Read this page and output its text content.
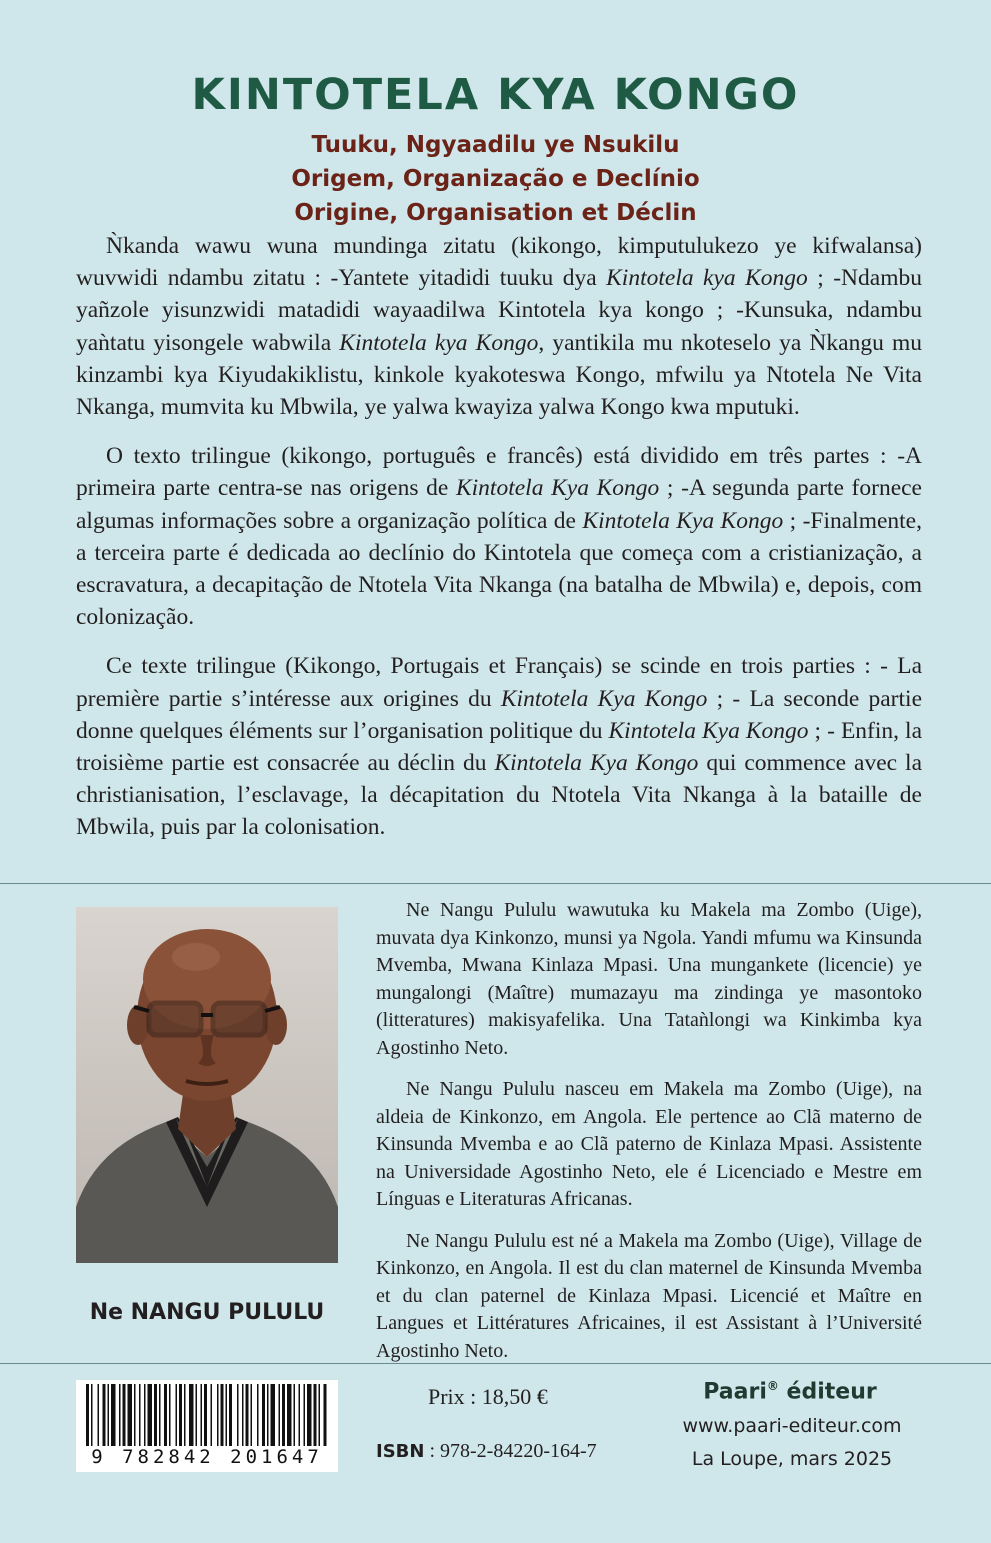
KINTOTELA KYA KONGO
Tuuku, Ngyaadilu ye Nsukilu
Origem, Organização e Declínio
Origine, Organisation et Déclin

Ǹkanda wawu wuna mundinga zitatu (kikongo, kimputulukezo ye kifwalansa) wuvwidi ndambu zitatu : -Yantete yitadidi tuuku dya Kintotela kya Kongo ; -Ndambu yañzole yisunzwidi matadidi wayaadilwa Kintotela kya kongo ; -Kunsuka, ndambu yaǹtatu yisongele wabwila Kintotela kya Kongo, yantikila mu nkoteselo ya Ǹkangu mu kinzambi kya Kiyudakiklistu, kinkole kyakoteswa Kongo, mfwilu ya Ntotela Ne Vita Nkanga, mumvita ku Mbwila, ye yalwa kwayiza yalwa Kongo kwa mputuki.

O texto trilingue (kikongo, português e francês) está dividido em três partes : -A primeira parte centra-se nas origens de Kintotela Kya Kongo ; -A segunda parte fornece algumas informações sobre a organização política de Kintotela Kya Kongo ; -Finalmente, a terceira parte é dedicada ao declínio do Kintotela que começa com a cristianização, a escravatura, a decapitação de Ntotela Vita Nkanga (na batalha de Mbwila) e, depois, com colonização.

Ce texte trilingue (Kikongo, Portugais et Français) se scinde en trois parties : - La première partie s’intéresse aux origines du Kintotela Kya Kongo ; - La seconde partie donne quelques éléments sur l’organisation politique du Kintotela Kya Kongo ; - Enfin, la troisième partie est consacrée au déclin du Kintotela Kya Kongo qui commence avec la christianisation, l’esclavage, la décapitation du Ntotela Vita Nkanga à la bataille de Mbwila, puis par la colonisation.

Ne NANGU PULULU

Ne Nangu Pululu wawutuka ku Makela ma Zombo (Uige), muvata dya Kinkonzo, munsi ya Ngola. Yandi mfumu wa Kinsunda Mvemba, Mwana Kinlaza Mpasi. Una mungankete (licencie) ye mungalongi (Maître) mumazayu ma zindinga ye masontoko (litteratures) makisyafelika. Una Tataǹlongi wa Kinkimba kya Agostinho Neto.

Ne Nangu Pululu nasceu em Makela ma Zombo (Uige), na aldeia de Kinkonzo, em Angola. Ele pertence ao Clã materno de Kinsunda Mvemba e ao Clã paterno de Kinlaza Mpasi. Assistente na Universidade Agostinho Neto, ele é Licenciado e Mestre em Línguas e Literaturas Africanas.

Ne Nangu Pululu est né a Makela ma Zombo (Uige), Village de Kinkonzo, en Angola. Il est du clan maternel de Kinsunda Mvemba et du clan paternel de Kinlaza Mpasi. Licencié et Maître en Langues et Littératures Africaines, il est Assistant à l’Université Agostinho Neto.

9 782842 201647
Prix : 18,50 €
ISBN : 978-2-84220-164-7
Paari® éditeur
www.paari-editeur.com
La Loupe, mars 2025
